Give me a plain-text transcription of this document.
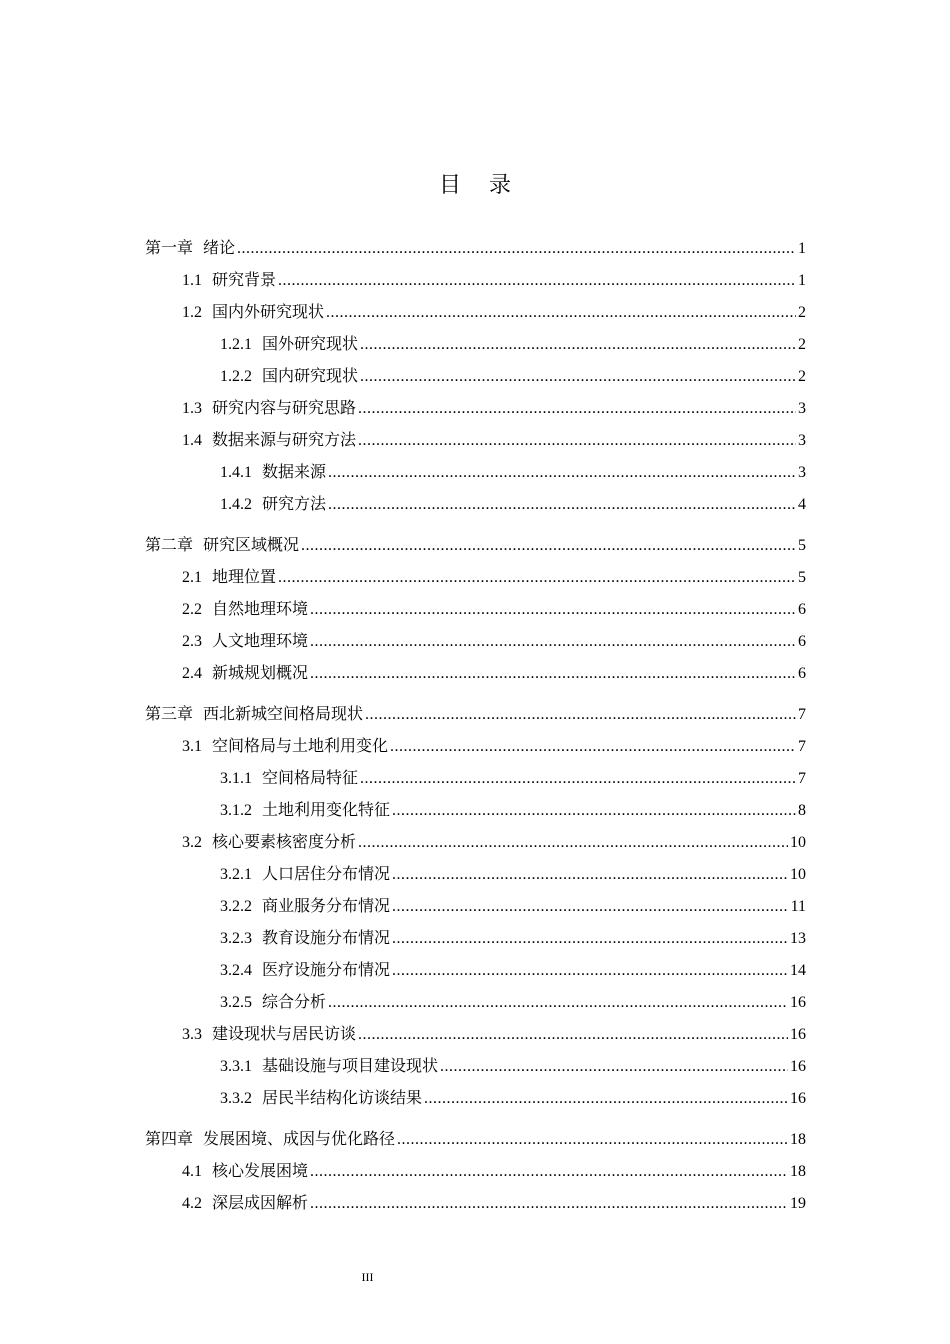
目录
第一章 绪论 .....	1
1.1 研究背景 .....	1
1.2 国内外研究现状 .....	2
1.2.1 国外研究现状 .....	2
1.2.2 国内研究现状 .....	2
1.3 研究内容与研究思路 .....	3
1.4 数据来源与研究方法 .....	3
1.4.1 数据来源 .....	3
1.4.2 研究方法 .....	4
第二章 研究区域概况 .....	5
2.1 地理位置 .....	5
2.2 自然地理环境 .....	6
2.3 人文地理环境 .....	6
2.4 新城规划概况 .....	6
第三章 西北新城空间格局现状 .....	7
3.1 空间格局与土地利用变化 .....	7
3.1.1 空间格局特征 .....	7
3.1.2 土地利用变化特征 .....	8
3.2 核心要素核密度分析 .....	10
3.2.1 人口居住分布情况 .....	10
3.2.2 商业服务分布情况 .....	11
3.2.3 教育设施分布情况 .....	13
3.2.4 医疗设施分布情况 .....	14
3.2.5 综合分析 .....	16
3.3 建设现状与居民访谈 .....	16
3.3.1 基础设施与项目建设现状 .....	16
3.3.2 居民半结构化访谈结果 .....	16
第四章 发展困境、成因与优化路径 .....	18
4.1 核心发展困境 .....	18
4.2 深层成因解析 .....	19
III
